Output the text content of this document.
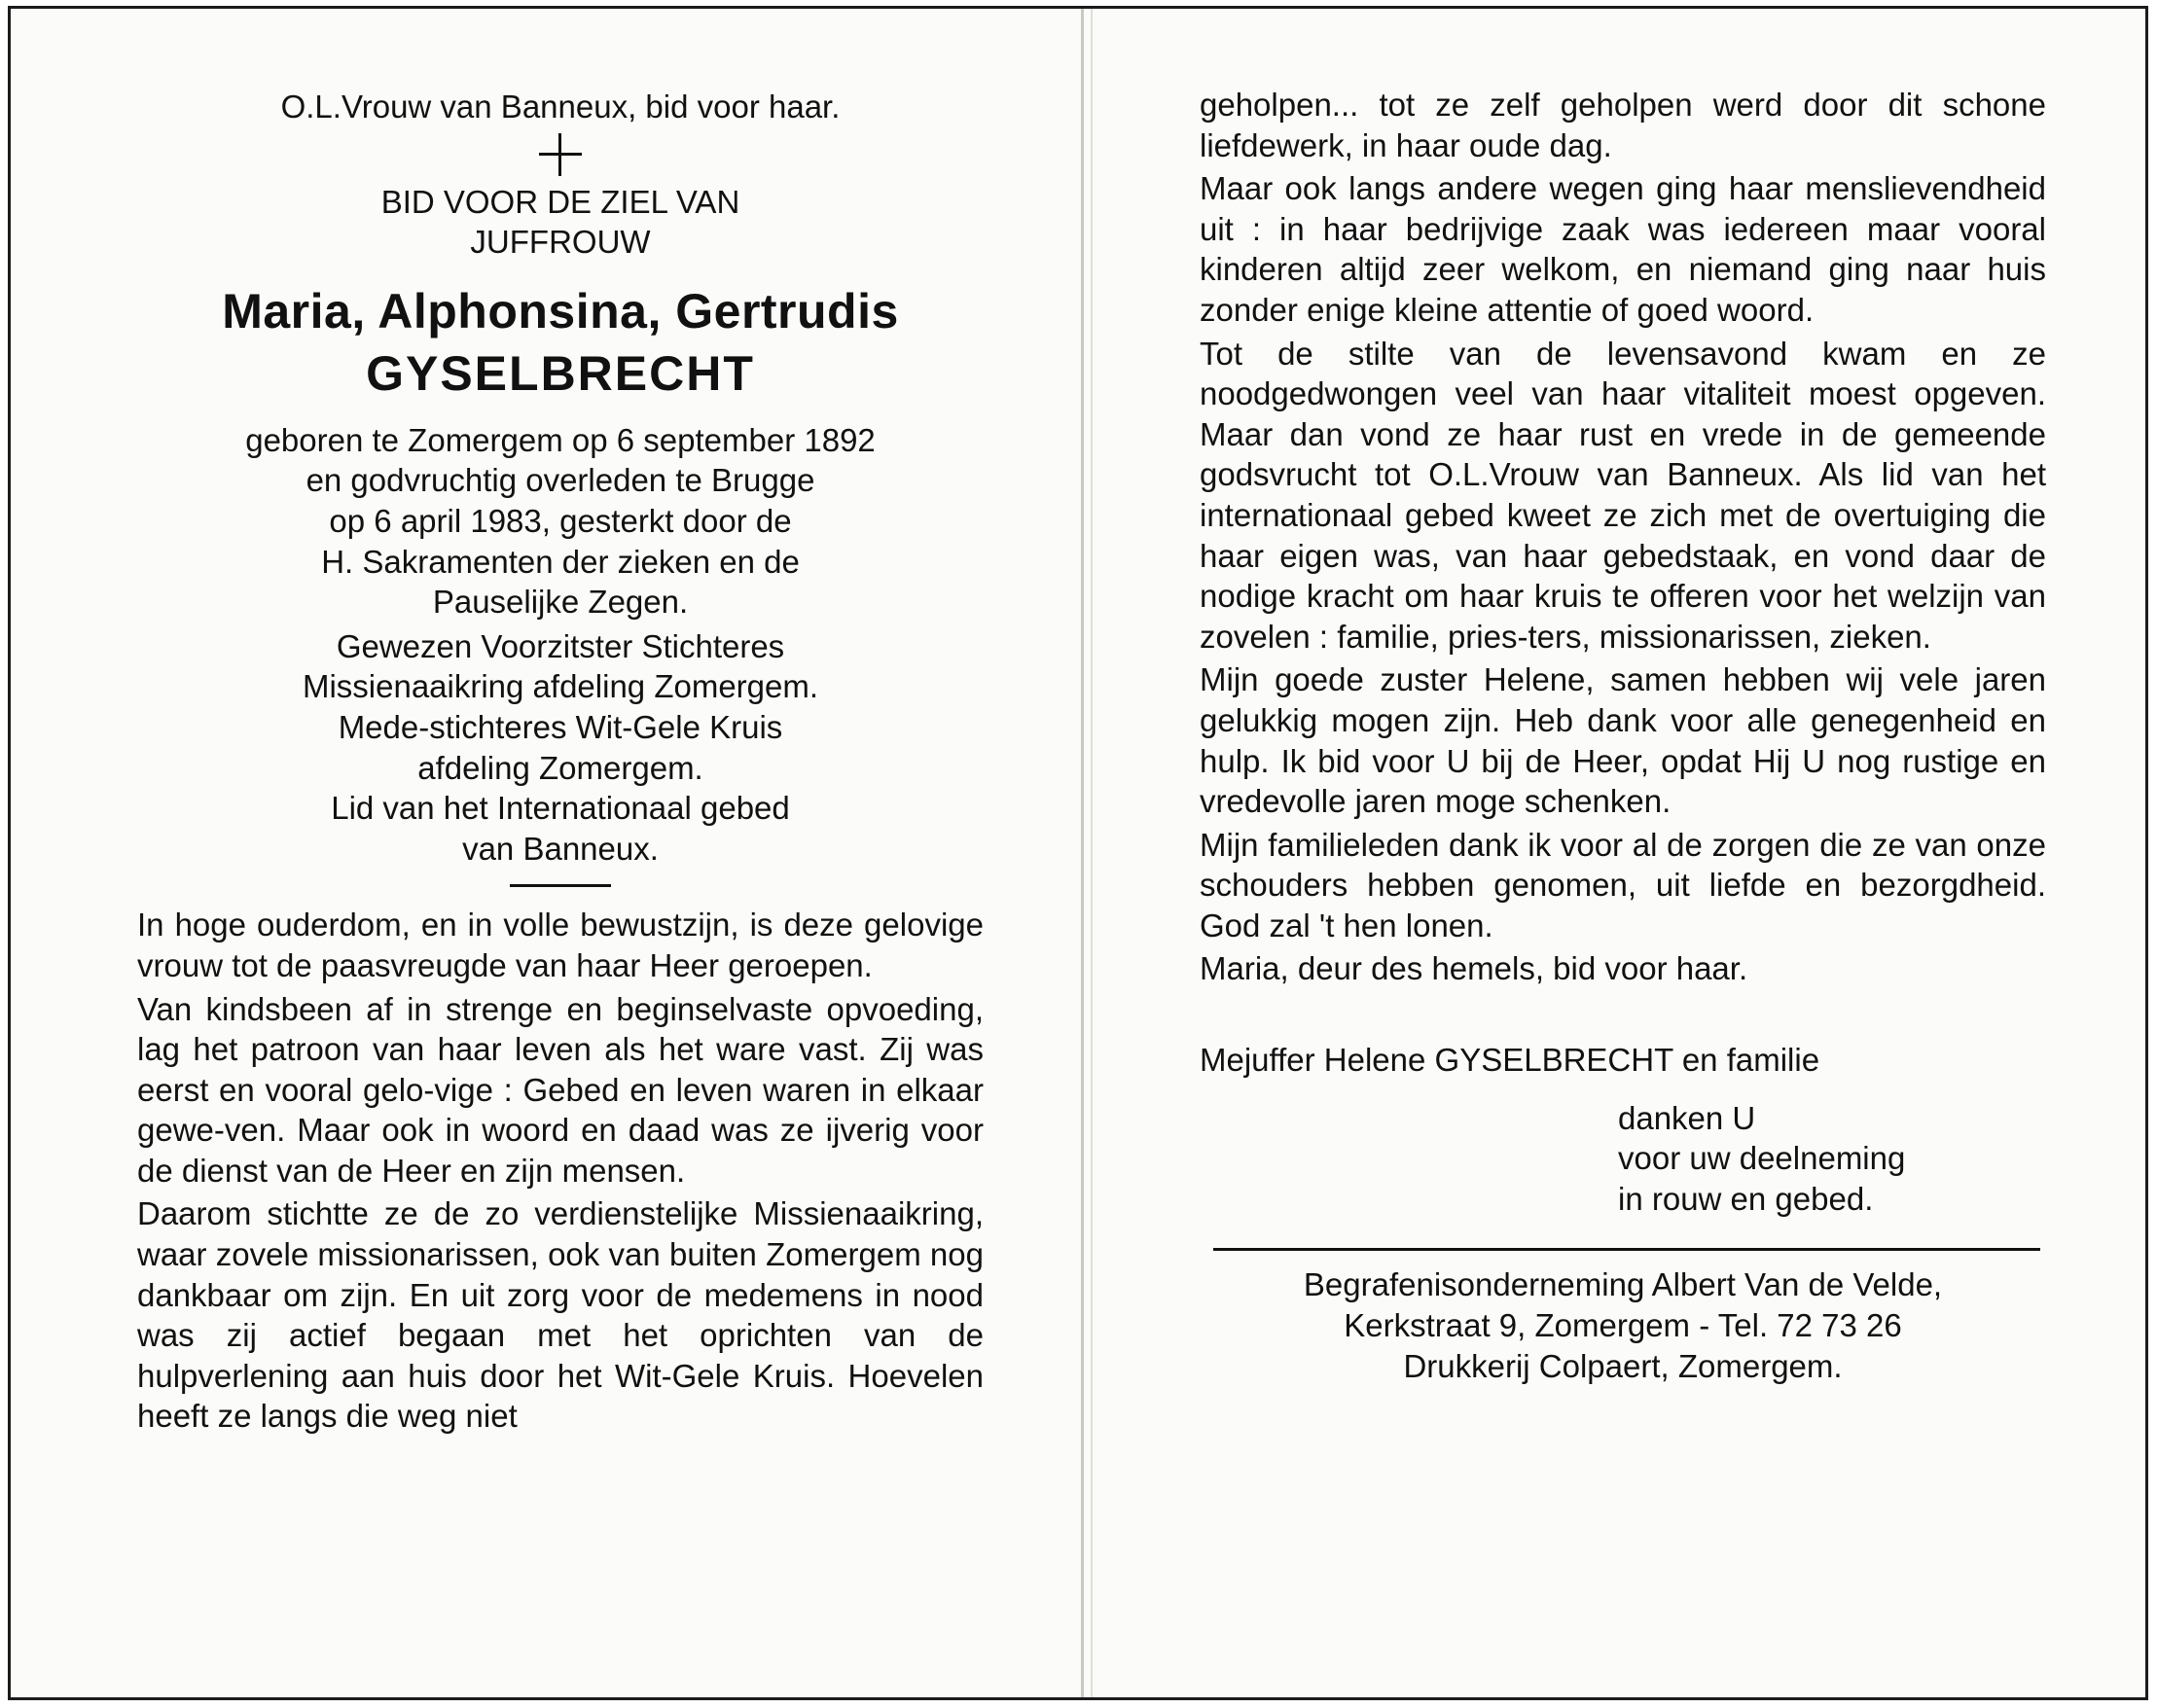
O.L.Vrouw van Banneux, bid voor haar.
BID VOOR DE ZIEL VAN
JUFFROUW
Maria, Alphonsina, Gertrudis
GYSELBRECHT
geboren te Zomergem op 6 september 1892
en godvruchtig overleden te Brugge
op 6 april 1983, gesterkt door de
H. Sakramenten der zieken en de
Pauselijke Zegen.
Gewezen Voorzitster Stichteres
Missienaaikring afdeling Zomergem.
Mede-stichteres Wit-Gele Kruis
afdeling Zomergem.
Lid van het Internationaal gebed
van Banneux.

In hoge ouderdom, en in volle bewustzijn, is deze gelovige vrouw tot de paasvreugde van haar Heer geroepen.

Van kindsbeen af in strenge en beginselvaste opvoeding, lag het patroon van haar leven als het ware vast. Zij was eerst en vooral gelo-vige : Gebed en leven waren in elkaar gewe-ven. Maar ook in woord en daad was ze ijverig voor de dienst van de Heer en zijn mensen.

Daarom stichtte ze de zo verdienstelijke Missienaaikring, waar zovele missionarissen, ook van buiten Zomergem nog dankbaar om zijn. En uit zorg voor de medemens in nood was zij actief begaan met het oprichten van de hulpverlening aan huis door het Wit-Gele Kruis. Hoevelen heeft ze langs die weg niet

geholpen... tot ze zelf geholpen werd door dit schone liefdewerk, in haar oude dag.

Maar ook langs andere wegen ging haar menslievendheid uit : in haar bedrijvige zaak was iedereen maar vooral kinderen altijd zeer welkom, en niemand ging naar huis zonder enige kleine attentie of goed woord.

Tot de stilte van de levensavond kwam en ze noodgedwongen veel van haar vitaliteit moest opgeven. Maar dan vond ze haar rust en vrede in de gemeende godsvrucht tot O.L.Vrouw van Banneux. Als lid van het internationaal gebed kweet ze zich met de overtuiging die haar eigen was, van haar gebedstaak, en vond daar de nodige kracht om haar kruis te offeren voor het welzijn van zovelen : familie, pries-ters, missionarissen, zieken.

Mijn goede zuster Helene, samen hebben wij vele jaren gelukkig mogen zijn. Heb dank voor alle genegenheid en hulp. Ik bid voor U bij de Heer, opdat Hij U nog rustige en vredevolle jaren moge schenken.

Mijn familieleden dank ik voor al de zorgen die ze van onze schouders hebben genomen, uit liefde en bezorgdheid. God zal 't hen lonen.

Maria, deur des hemels, bid voor haar.
Mejuffer Helene GYSELBRECHT en familie
danken U
voor uw deelneming
in rouw en gebed.
Begrafenisonderneming Albert Van de Velde,
Kerkstraat 9, Zomergem - Tel. 72 73 26
Drukkerij Colpaert, Zomergem.
